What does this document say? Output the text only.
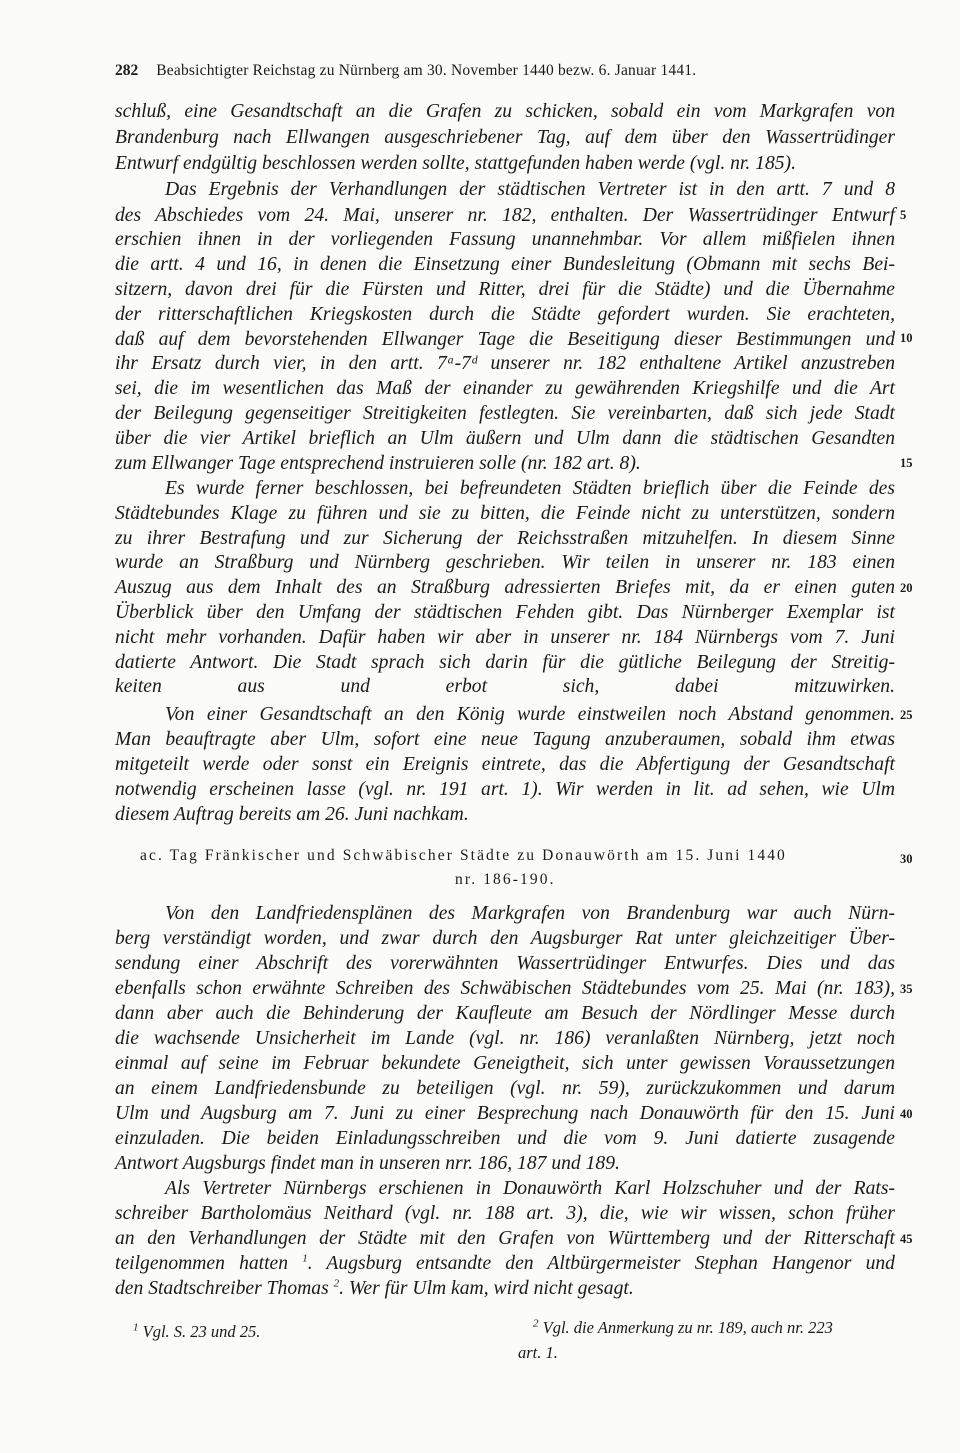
282 Beabsichtigter Reichstag zu Nürnberg am 30. November 1440 bezw. 6. Januar 1441.
schluß, eine Gesandtschaft an die Grafen zu schicken, sobald ein vom Markgrafen von
Brandenburg nach Ellwangen ausgeschriebener Tag, auf dem über den Wassertrüdinger
Entwurf endgültig beschlossen werden sollte, stattgefunden haben werde (vgl. nr. 185).
Das Ergebnis der Verhandlungen der städtischen Vertreter ist in den artt. 7 und 8
des Abschiedes vom 24. Mai, unserer nr. 182, enthalten. Der Wassertrüdinger Entwurf
erschien ihnen in der vorliegenden Fassung unannehmbar. Vor allem mißfielen ihnen
die artt. 4 und 16, in denen die Einsetzung einer Bundesleitung (Obmann mit sechs Bei-
sitzern, davon drei für die Fürsten und Ritter, drei für die Städte) und die Übernahme
der ritterschaftlichen Kriegskosten durch die Städte gefordert wurden. Sie erachteten,
daß auf dem bevorstehenden Ellwanger Tage die Beseitigung dieser Bestimmungen und
ihr Ersatz durch vier, in den artt. 7ᵃ-7ᵈ unserer nr. 182 enthaltene Artikel anzustreben
sei, die im wesentlichen das Maß der einander zu gewährenden Kriegshilfe und die Art
der Beilegung gegenseitiger Streitigkeiten festlegten. Sie vereinbarten, daß sich jede Stadt
über die vier Artikel brieflich an Ulm äußern und Ulm dann die städtischen Gesandten
zum Ellwanger Tage entsprechend instruieren solle (nr. 182 art. 8).
Es wurde ferner beschlossen, bei befreundeten Städten brieflich über die Feinde des
Städtebundes Klage zu führen und sie zu bitten, die Feinde nicht zu unterstützen, sondern
zu ihrer Bestrafung und zur Sicherung der Reichsstraßen mitzuhelfen. In diesem Sinne
wurde an Straßburg und Nürnberg geschrieben. Wir teilen in unserer nr. 183 einen
Auszug aus dem Inhalt des an Straßburg adressierten Briefes mit, da er einen guten
Überblick über den Umfang der städtischen Fehden gibt. Das Nürnberger Exemplar ist
nicht mehr vorhanden. Dafür haben wir aber in unserer nr. 184 Nürnbergs vom 7. Juni
datierte Antwort. Die Stadt sprach sich darin für die gütliche Beilegung der Streitig-
keiten aus und erbot sich, dabei mitzuwirken.
Von einer Gesandtschaft an den König wurde einstweilen noch Abstand genommen.
Man beauftragte aber Ulm, sofort eine neue Tagung anzuberaumen, sobald ihm etwas
mitgeteilt werde oder sonst ein Ereignis eintrete, das die Abfertigung der Gesandtschaft
notwendig erscheinen lasse (vgl. nr. 191 art. 1). Wir werden in lit. ad sehen, wie Ulm
diesem Auftrag bereits am 26. Juni nachkam.
ac. Tag Fränkischer und Schwäbischer Städte zu Donauwörth am 15. Juni 1440
nr. 186-190.
Von den Landfriedensplänen des Markgrafen von Brandenburg war auch Nürn-
berg verständigt worden, und zwar durch den Augsburger Rat unter gleichzeitiger Über-
sendung einer Abschrift des vorerwähnten Wassertrüdinger Entwurfes. Dies und das
ebenfalls schon erwähnte Schreiben des Schwäbischen Städtebundes vom 25. Mai (nr. 183),
dann aber auch die Behinderung der Kaufleute am Besuch der Nördlinger Messe durch
die wachsende Unsicherheit im Lande (vgl. nr. 186) veranlaßten Nürnberg, jetzt noch
einmal auf seine im Februar bekundete Geneigtheit, sich unter gewissen Voraussetzungen
an einem Landfriedensbunde zu beteiligen (vgl. nr. 59), zurückzukommen und darum
Ulm und Augsburg am 7. Juni zu einer Besprechung nach Donauwörth für den 15. Juni
einzuladen. Die beiden Einladungsschreiben und die vom 9. Juni datierte zusagende
Antwort Augsburgs findet man in unseren nrr. 186, 187 und 189.
Als Vertreter Nürnbergs erschienen in Donauwörth Karl Holzschuher und der Rats-
schreiber Bartholomäus Neithard (vgl. nr. 188 art. 3), die, wie wir wissen, schon früher
an den Verhandlungen der Städte mit den Grafen von Württemberg und der Ritterschaft
teilgenommen hatten $^1$. Augsburg entsandte den Altbürgermeister Stephan Hangenor und
den Stadtschreiber Thomas $^2$. Wer für Ulm kam, wird nicht gesagt.
5
10
15
20
25
30
35
40
45
$^1$ Vgl. S. 23 und 25.	$^2$ Vgl. die Anmerkung zu nr. 189, auch nr. 223
art. 1.
